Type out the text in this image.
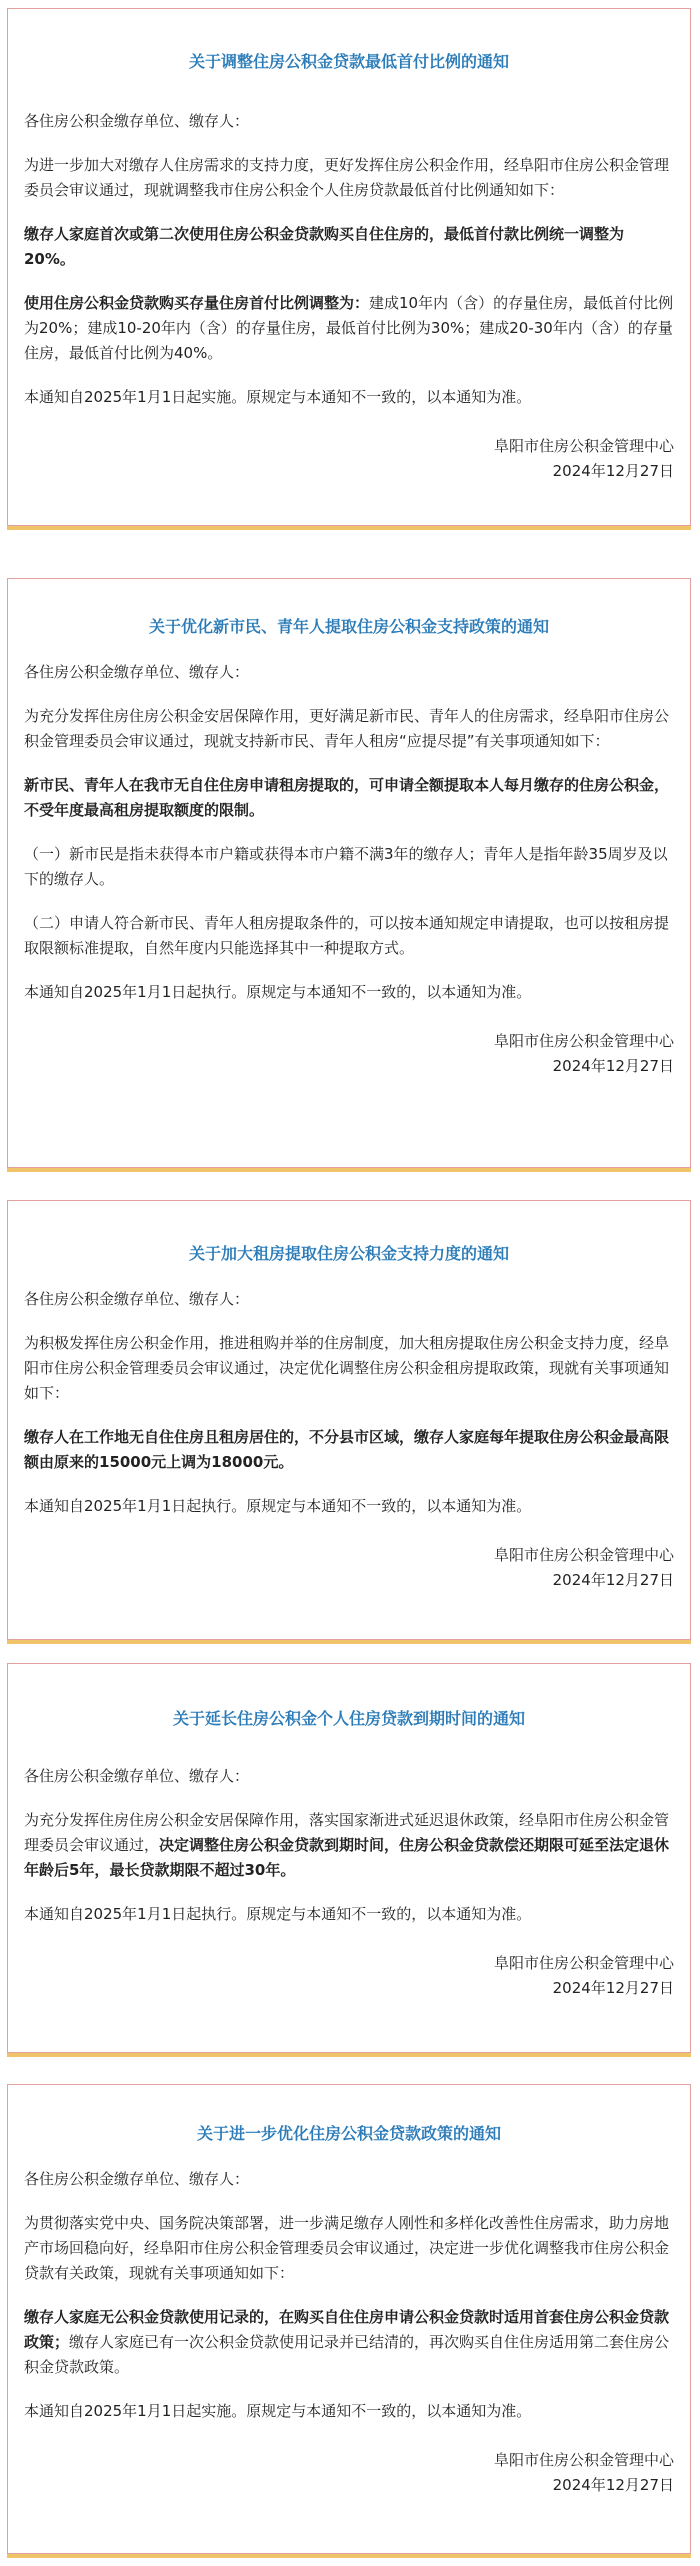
关于调整住房公积金贷款最低首付比例的通知

各住房公积金缴存单位、缴存人：

为进一步加大对缴存人住房需求的支持力度，更好发挥住房公积金作用，经阜阳市住房公积金管理委员会审议通过，现就调整我市住房公积金个人住房贷款最低首付比例通知如下：

缴存人家庭首次或第二次使用住房公积金贷款购买自住住房的，最低首付款比例统一调整为20%。

使用住房公积金贷款购买存量住房首付比例调整为：建成10年内（含）的存量住房，最低首付比例为20%；建成10-20年内（含）的存量住房，最低首付比例为30%；建成20-30年内（含）的存量住房，最低首付比例为40%。

本通知自2025年1月1日起实施。原规定与本通知不一致的，以本通知为准。

阜阳市住房公积金管理中心

2024年12月27日

关于优化新市民、青年人提取住房公积金支持政策的通知

各住房公积金缴存单位、缴存人：

为充分发挥住房住房公积金安居保障作用，更好满足新市民、青年人的住房需求，经阜阳市住房公积金管理委员会审议通过，现就支持新市民、青年人租房“应提尽提”有关事项通知如下：

新市民、青年人在我市无自住住房申请租房提取的，可申请全额提取本人每月缴存的住房公积金，不受年度最高租房提取额度的限制。

（一）新市民是指未获得本市户籍或获得本市户籍不满3年的缴存人；青年人是指年龄35周岁及以下的缴存人。

（二）申请人符合新市民、青年人租房提取条件的，可以按本通知规定申请提取，也可以按租房提取限额标准提取，自然年度内只能选择其中一种提取方式。

本通知自2025年1月1日起执行。原规定与本通知不一致的，以本通知为准。

阜阳市住房公积金管理中心

2024年12月27日

关于加大租房提取住房公积金支持力度的通知

各住房公积金缴存单位、缴存人：

为积极发挥住房公积金作用，推进租购并举的住房制度，加大租房提取住房公积金支持力度，经阜阳市住房公积金管理委员会审议通过，决定优化调整住房公积金租房提取政策，现就有关事项通知如下：

缴存人在工作地无自住住房且租房居住的，不分县市区域，缴存人家庭每年提取住房公积金最高限额由原来的15000元上调为18000元。

本通知自2025年1月1日起执行。原规定与本通知不一致的，以本通知为准。

阜阳市住房公积金管理中心

2024年12月27日

关于延长住房公积金个人住房贷款到期时间的通知

各住房公积金缴存单位、缴存人：

为充分发挥住房住房公积金安居保障作用，落实国家渐进式延迟退休政策，经阜阳市住房公积金管理委员会审议通过，决定调整住房公积金贷款到期时间，住房公积金贷款偿还期限可延至法定退休年龄后5年，最长贷款期限不超过30年。

本通知自2025年1月1日起执行。原规定与本通知不一致的，以本通知为准。

阜阳市住房公积金管理中心

2024年12月27日

关于进一步优化住房公积金贷款政策的通知

各住房公积金缴存单位、缴存人：

为贯彻落实党中央、国务院决策部署，进一步满足缴存人刚性和多样化改善性住房需求，助力房地产市场回稳向好，经阜阳市住房公积金管理委员会审议通过，决定进一步优化调整我市住房公积金贷款有关政策，现就有关事项通知如下：

缴存人家庭无公积金贷款使用记录的，在购买自住住房申请公积金贷款时适用首套住房公积金贷款政策；缴存人家庭已有一次公积金贷款使用记录并已结清的，再次购买自住住房适用第二套住房公积金贷款政策。

本通知自2025年1月1日起实施。原规定与本通知不一致的，以本通知为准。

阜阳市住房公积金管理中心

2024年12月27日
